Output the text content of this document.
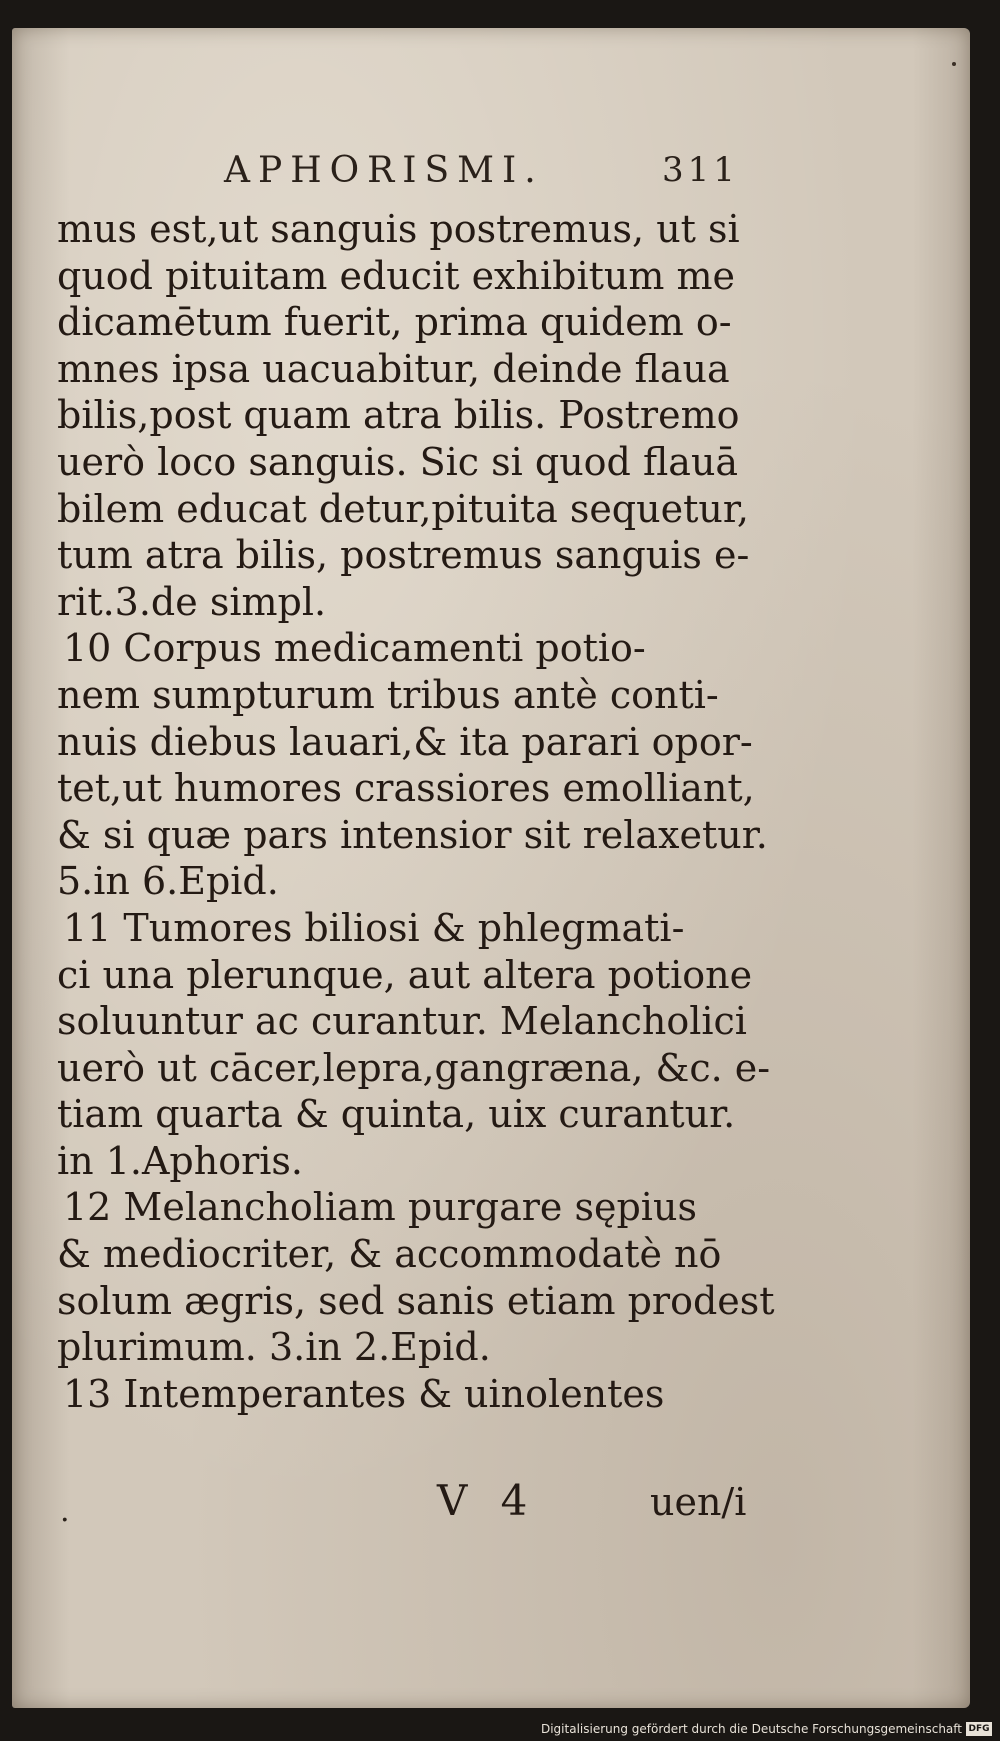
APHORISMI.	311
mus est,ut sanguis postremus, ut si
quod pituitam educit exhibitum me
dicamētum fuerit, prima quidem o-
mnes ipsa uacuabitur, deinde flaua
bilis,post quam atra bilis. Postremo
uerò loco sanguis. Sic si quod flauā
bilem educat detur,pituita sequetur,
tum atra bilis, postremus sanguis e-
rit.3.de simpl.
10 Corpus medicamenti potio-
nem sumpturum tribus antè conti-
nuis diebus lauari,& ita parari opor-
tet,ut humores crassiores emolliant,
& si quæ pars intensior sit relaxetur.
5.in 6.Epid.
11 Tumores biliosi & phlegmati-
ci una plerunque, aut altera potione
soluuntur ac curantur. Melancholici
uerò ut cācer,lepra,gangræna, &c. e-
tiam quarta & quinta, uix curantur.
in 1.Aphoris.
12 Melancholiam purgare sępius
& mediocriter, & accommodatè nō
solum ægris, sed sanis etiam prodest
plurimum. 3.in 2.Epid.
13 Intemperantes & uinolentes
.	V 4	uen/i
Digitalisierung gefördert durch die Deutsche Forschungsgemeinschaft DFG
